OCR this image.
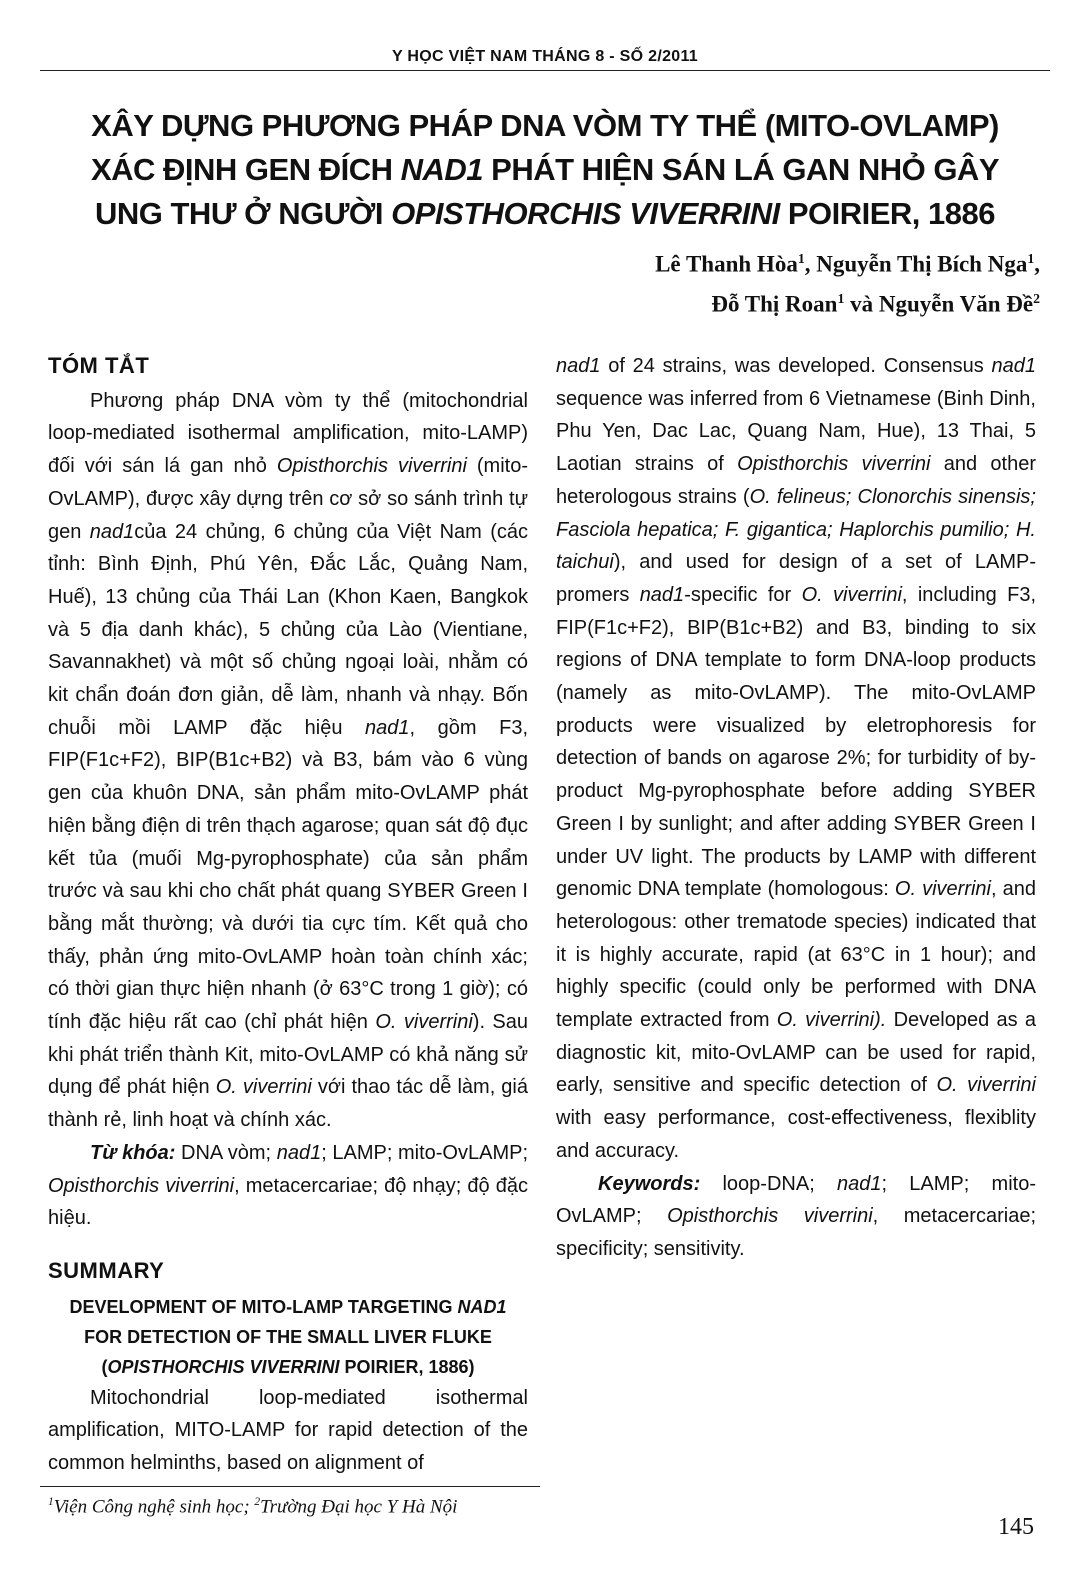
Y HỌC VIỆT NAM THÁNG 8 - SỐ 2/2011
XÂY DỰNG PHƯƠNG PHÁP DNA VÒM TY THỂ (MITO-OVLAMP) XÁC ĐỊNH GEN ĐÍCH NAD1 PHÁT HIỆN SÁN LÁ GAN NHỎ GÂY UNG THƯ Ở NGƯỜI OPISTHORCHIS VIVERRINI POIRIER, 1886
Lê Thanh Hòa$^1$, Nguyễn Thị Bích Nga$^1$,
Đỗ Thị Roan$^1$ và Nguyễn Văn Đề$^2$
TÓM TẮT

Phương pháp DNA vòm ty thể (mitochondrial loop-mediated isothermal amplification, mito-LAMP) đối với sán lá gan nhỏ Opisthorchis viverrini (mito-OvLAMP), được xây dựng trên cơ sở so sánh trình tự gen nad1của 24 chủng, 6 chủng của Việt Nam (các tỉnh: Bình Định, Phú Yên, Đắc Lắc, Quảng Nam, Huế), 13 chủng của Thái Lan (Khon Kaen, Bangkok và 5 địa danh khác), 5 chủng của Lào (Vientiane, Savannakhet) và một số chủng ngoại loài, nhằm có kit chẩn đoán đơn giản, dễ làm, nhanh và nhạy. Bốn chuỗi mồi LAMP đặc hiệu nad1, gồm F3, FIP(F1c+F2), BIP(B1c+B2) và B3, bám vào 6 vùng gen của khuôn DNA, sản phẩm mito-OvLAMP phát hiện bằng điện di trên thạch agarose; quan sát độ đục kết tủa (muối Mg-pyrophosphate) của sản phẩm trước và sau khi cho chất phát quang SYBER Green I bằng mắt thường; và dưới tia cực tím. Kết quả cho thấy, phản ứng mito-OvLAMP hoàn toàn chính xác; có thời gian thực hiện nhanh (ở 63°C trong 1 giờ); có tính đặc hiệu rất cao (chỉ phát hiện O. viverrini). Sau khi phát triển thành Kit, mito-OvLAMP có khả năng sử dụng để phát hiện O. viverrini với thao tác dễ làm, giá thành rẻ, linh hoạt và chính xác.

Từ khóa: DNA vòm; nad1; LAMP; mito-OvLAMP; Opisthorchis viverrini, metacercariae; độ nhạy; độ đặc hiệu.

SUMMARY
DEVELOPMENT OF MITO-LAMP TARGETING NAD1 FOR DETECTION OF THE SMALL LIVER FLUKE (OPISTHORCHIS VIVERRINI POIRIER, 1886)

Mitochondrial loop-mediated isothermal amplification, MITO-LAMP for rapid detection of the common helminths, based on alignment of

nad1 of 24 strains, was developed. Consensus nad1 sequence was inferred from 6 Vietnamese (Binh Dinh, Phu Yen, Dac Lac, Quang Nam, Hue), 13 Thai, 5 Laotian strains of Opisthorchis viverrini and other heterologous strains (O. felineus; Clonorchis sinensis; Fasciola hepatica; F. gigantica; Haplorchis pumilio; H. taichui), and used for design of a set of LAMP-promers nad1-specific for O. viverrini, including F3, FIP(F1c+F2), BIP(B1c+B2) and B3, binding to six regions of DNA template to form DNA-loop products (namely as mito-OvLAMP). The mito-OvLAMP products were visualized by eletrophoresis for detection of bands on agarose 2%; for turbidity of by-product Mg-pyrophosphate before adding SYBER Green I by sunlight; and after adding SYBER Green I under UV light. The products by LAMP with different genomic DNA template (homologous: O. viverrini, and heterologous: other trematode species) indicated that it is highly accurate, rapid (at 63°C in 1 hour); and highly specific (could only be performed with DNA template extracted from O. viverrini). Developed as a diagnostic kit, mito-OvLAMP can be used for rapid, early, sensitive and specific detection of O. viverrini with easy performance, cost-effectiveness, flexiblity and accuracy.

Keywords: loop-DNA; nad1; LAMP; mito-OvLAMP; Opisthorchis viverrini, metacercariae; specificity; sensitivity.

$^1$Viện Công nghệ sinh học; $^2$Trường Đại học Y Hà Nội
145
